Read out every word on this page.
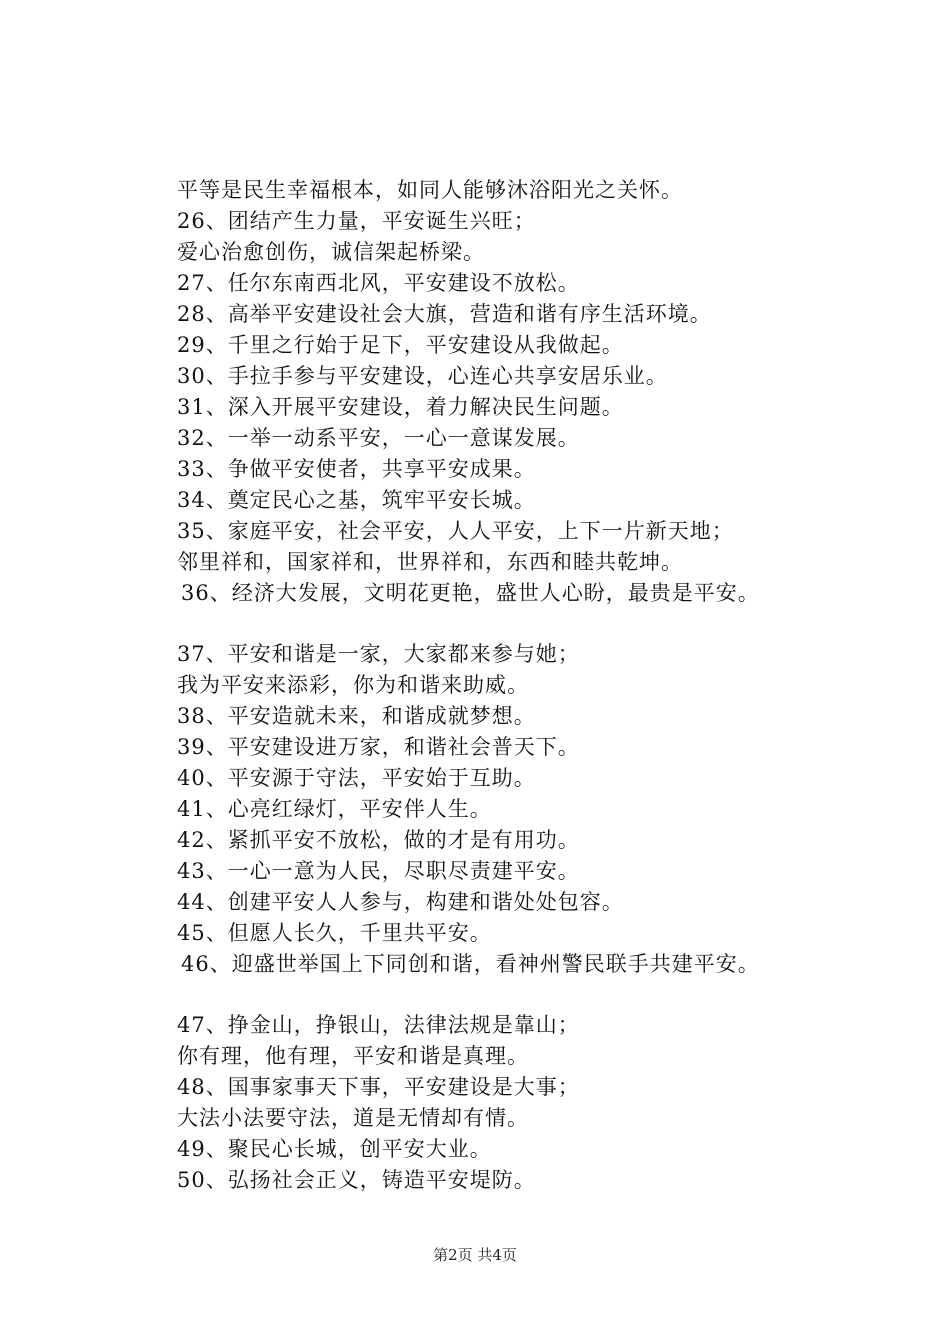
平等是民生幸福根本，如同人能够沐浴阳光之关怀。
26、团结产生力量，平安诞生兴旺；
爱心治愈创伤，诚信架起桥梁。
27、任尔东南西北风，平安建设不放松。
28、高举平安建设社会大旗，营造和谐有序生活环境。
29、千里之行始于足下，平安建设从我做起。
30、手拉手参与平安建设，心连心共享安居乐业。
31、深入开展平安建设，着力解决民生问题。
32、一举一动系平安，一心一意谋发展。
33、争做平安使者，共享平安成果。
34、奠定民心之基，筑牢平安长城。
35、家庭平安，社会平安，人人平安，上下一片新天地；
邻里祥和，国家祥和，世界祥和，东西和睦共乾坤。
36、经济大发展，文明花更艳，盛世人心盼，最贵是平安。
37、平安和谐是一家，大家都来参与她；
我为平安来添彩，你为和谐来助威。
38、平安造就未来，和谐成就梦想。
39、平安建设进万家，和谐社会普天下。
40、平安源于守法，平安始于互助。
41、心亮红绿灯，平安伴人生。
42、紧抓平安不放松，做的才是有用功。
43、一心一意为人民，尽职尽责建平安。
44、创建平安人人参与，构建和谐处处包容。
45、但愿人长久，千里共平安。
46、迎盛世举国上下同创和谐，看神州警民联手共建平安。
47、挣金山，挣银山，法律法规是靠山；
你有理，他有理，平安和谐是真理。
48、国事家事天下事，平安建设是大事；
大法小法要守法，道是无情却有情。
49、聚民心长城，创平安大业。
50、弘扬社会正义，铸造平安堤防。
第2页 共4页
